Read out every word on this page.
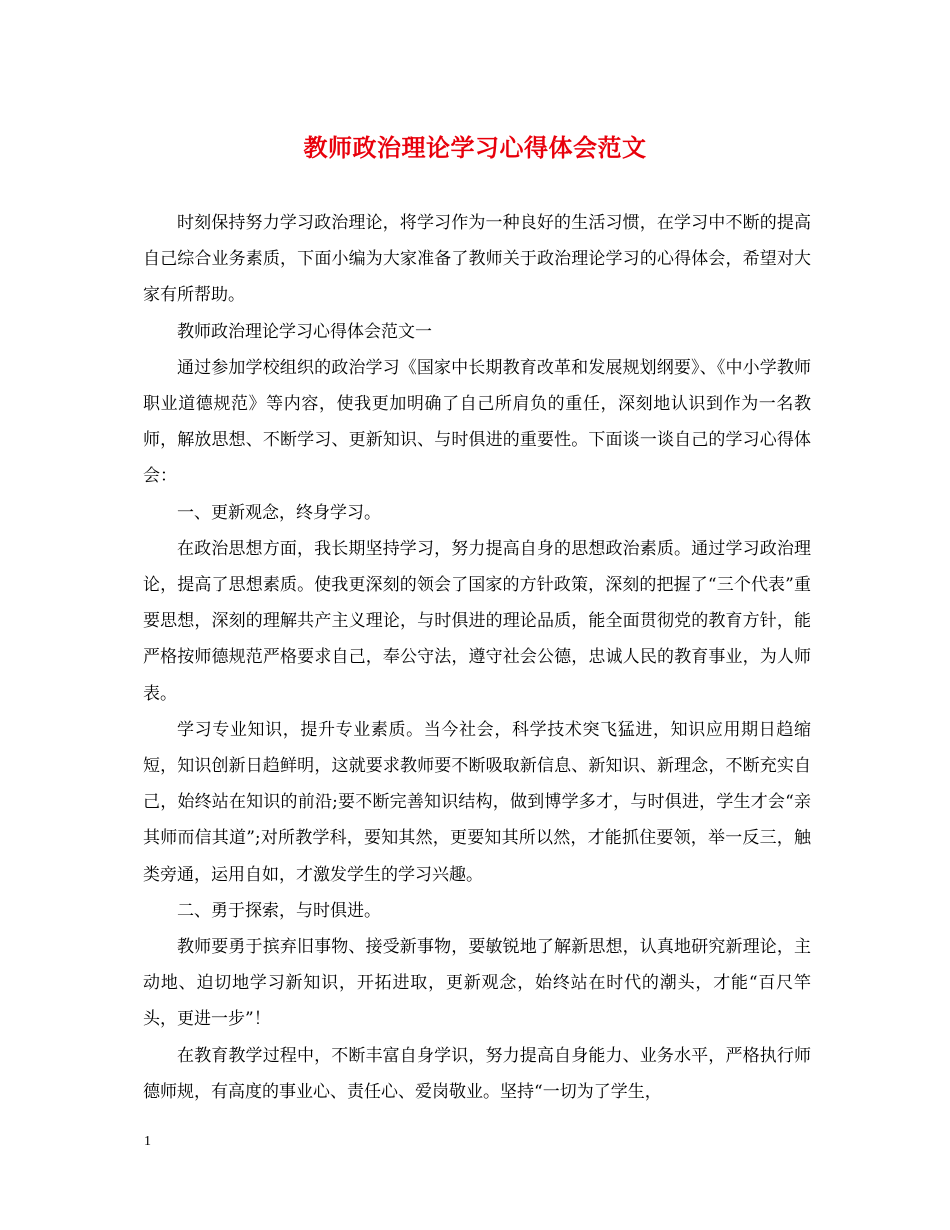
教师政治理论学习心得体会范文

时刻保持努力学习政治理论，将学习作为一种良好的生活习惯，在学习中不断的提高自己综合业务素质，下面小编为大家准备了教师关于政治理论学习的心得体会，希望对大家有所帮助。

教师政治理论学习心得体会范文一

通过参加学校组织的政治学习《国家中长期教育改革和发展规划纲要》、《中小学教师职业道德规范》等内容，使我更加明确了自己所肩负的重任，深刻地认识到作为一名教师，解放思想、不断学习、更新知识、与时俱进的重要性。下面谈一谈自己的学习心得体会：

一、更新观念，终身学习。

在政治思想方面，我长期坚持学习，努力提高自身的思想政治素质。通过学习政治理论，提高了思想素质。使我更深刻的领会了国家的方针政策，深刻的把握了“三个代表”重要思想，深刻的理解共产主义理论，与时俱进的理论品质，能全面贯彻党的教育方针，能严格按师德规范严格要求自己，奉公守法，遵守社会公德，忠诚人民的教育事业，为人师表。

学习专业知识，提升专业素质。当今社会，科学技术突飞猛进，知识应用期日趋缩短，知识创新日趋鲜明，这就要求教师要不断吸取新信息、新知识、新理念，不断充实自己，始终站在知识的前沿;要不断完善知识结构，做到博学多才，与时俱进，学生才会“亲其师而信其道”;对所教学科，要知其然，更要知其所以然，才能抓住要领，举一反三，触类旁通，运用自如，才激发学生的学习兴趣。

二、勇于探索，与时俱进。

教师要勇于摈弃旧事物、接受新事物，要敏锐地了解新思想，认真地研究新理论，主动地、迫切地学习新知识，开拓进取，更新观念，始终站在时代的潮头，才能“百尺竿头，更进一步”！

在教育教学过程中，不断丰富自身学识，努力提高自身能力、业务水平，严格执行师德师规，有高度的事业心、责任心、爱岗敬业。坚持“一切为了学生，

1
